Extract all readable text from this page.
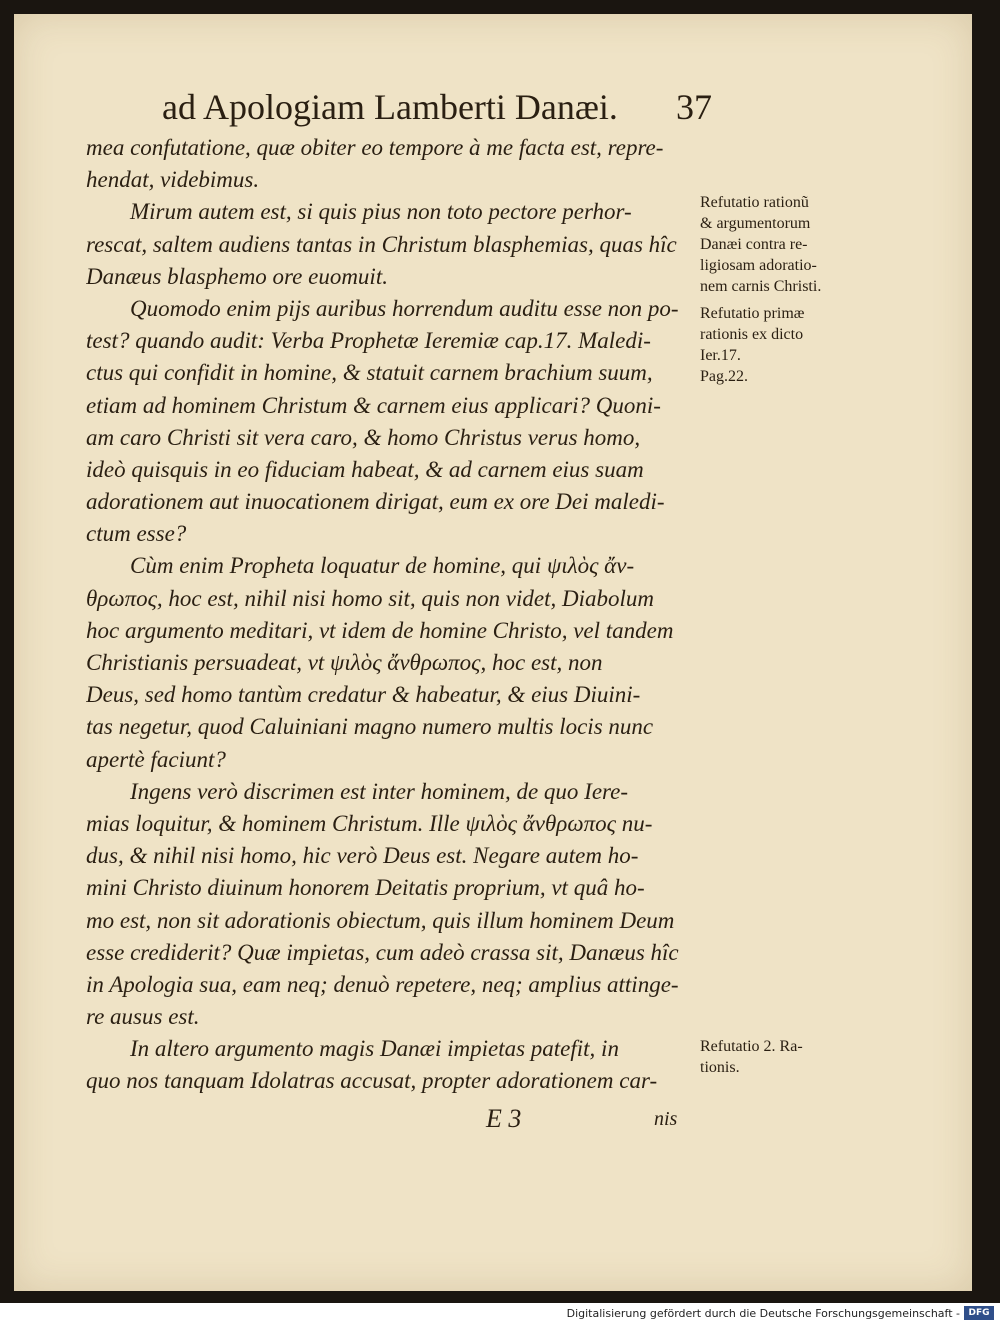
ad Apologiam Lamberti Danæi. 37
mea confutatione, quæ obiter eo tempore à me facta est, repre-
hendat, videbimus.
Mirum autem est, si quis pius non toto pectore perhor-
rescat, saltem audiens tantas in Christum blasphemias, quas hîc
Danæus blasphemo ore euomuit.
Quomodo enim pijs auribus horrendum auditu esse non po-
test? quando audit: Verba Prophetæ Ieremiæ cap.17. Maledi-
ctus qui confidit in homine, & statuit carnem brachium suum,
etiam ad hominem Christum & carnem eius applicari? Quoni-
am caro Christi sit vera caro, & homo Christus verus homo,
ideò quisquis in eo fiduciam habeat, & ad carnem eius suam
adorationem aut inuocationem dirigat, eum ex ore Dei maledi-
ctum esse?
Cùm enim Propheta loquatur de homine, qui ψιλὸς ἄν-
θρωπος, hoc est, nihil nisi homo sit, quis non videt, Diabolum
hoc argumento meditari, vt idem de homine Christo, vel tandem
Christianis persuadeat, vt ψιλὸς ἄνθρωπος, hoc est, non
Deus, sed homo tantùm credatur & habeatur, & eius Diuini-
tas negetur, quod Caluiniani magno numero multis locis nunc
apertè faciunt?
Ingens verò discrimen est inter hominem, de quo Iere-
mias loquitur, & hominem Christum. Ille ψιλὸς ἄνθρωπος nu-
dus, & nihil nisi homo, hic verò Deus est. Negare autem ho-
mini Christo diuinum honorem Deitatis proprium, vt quâ ho-
mo est, non sit adorationis obiectum, quis illum hominem Deum
esse crediderit? Quæ impietas, cum adeò crassa sit, Danæus hîc
in Apologia sua, eam neq; denuò repetere, neq; amplius attinge-
re ausus est.
In altero argumento magis Danæi impietas patefit, in
quo nos tanquam Idolatras accusat, propter adorationem car-
Refutatio rationũ
& argumentorum
Danæi contra re-
ligiosam adoratio-
nem carnis Christi.
Refutatio primæ
rationis ex dicto
Ier.17.
Pag.22.
Refutatio 2. Ra-
tionis.
E 3	nis
Digitalisierung gefördert durch die Deutsche Forschungsgemeinschaft - DFG
